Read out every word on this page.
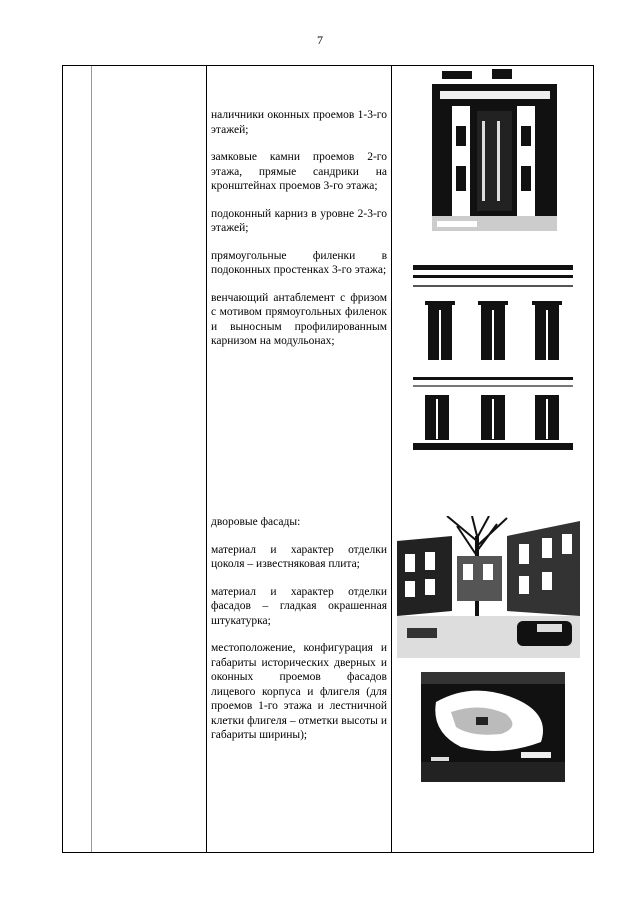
7

наличники оконных проемов 1-3-го этажей;

замковые камни проемов 2-го этажа, прямые сандрики на кронштейнах проемов 3-го этажа;

подоконный карниз в уровне 2-3-го этажей;

прямоугольные филенки в подоконных простенках 3-го этажа;

венчающий антаблемент с фризом с мотивом прямоугольных филенок и выносным профилированным карнизом на модульонах;

дворовые фасады:

материал и характер отделки цоколя – известняковая плита;

материал и характер отделки фасадов – гладкая окрашенная штукатурка;

местоположение, конфигурация и габариты исторических дверных и оконных проемов фасадов лицевого корпуса и флигеля (для проемов 1-го этажа и лестничной клетки флигеля – отметки высоты и габариты ширины);
